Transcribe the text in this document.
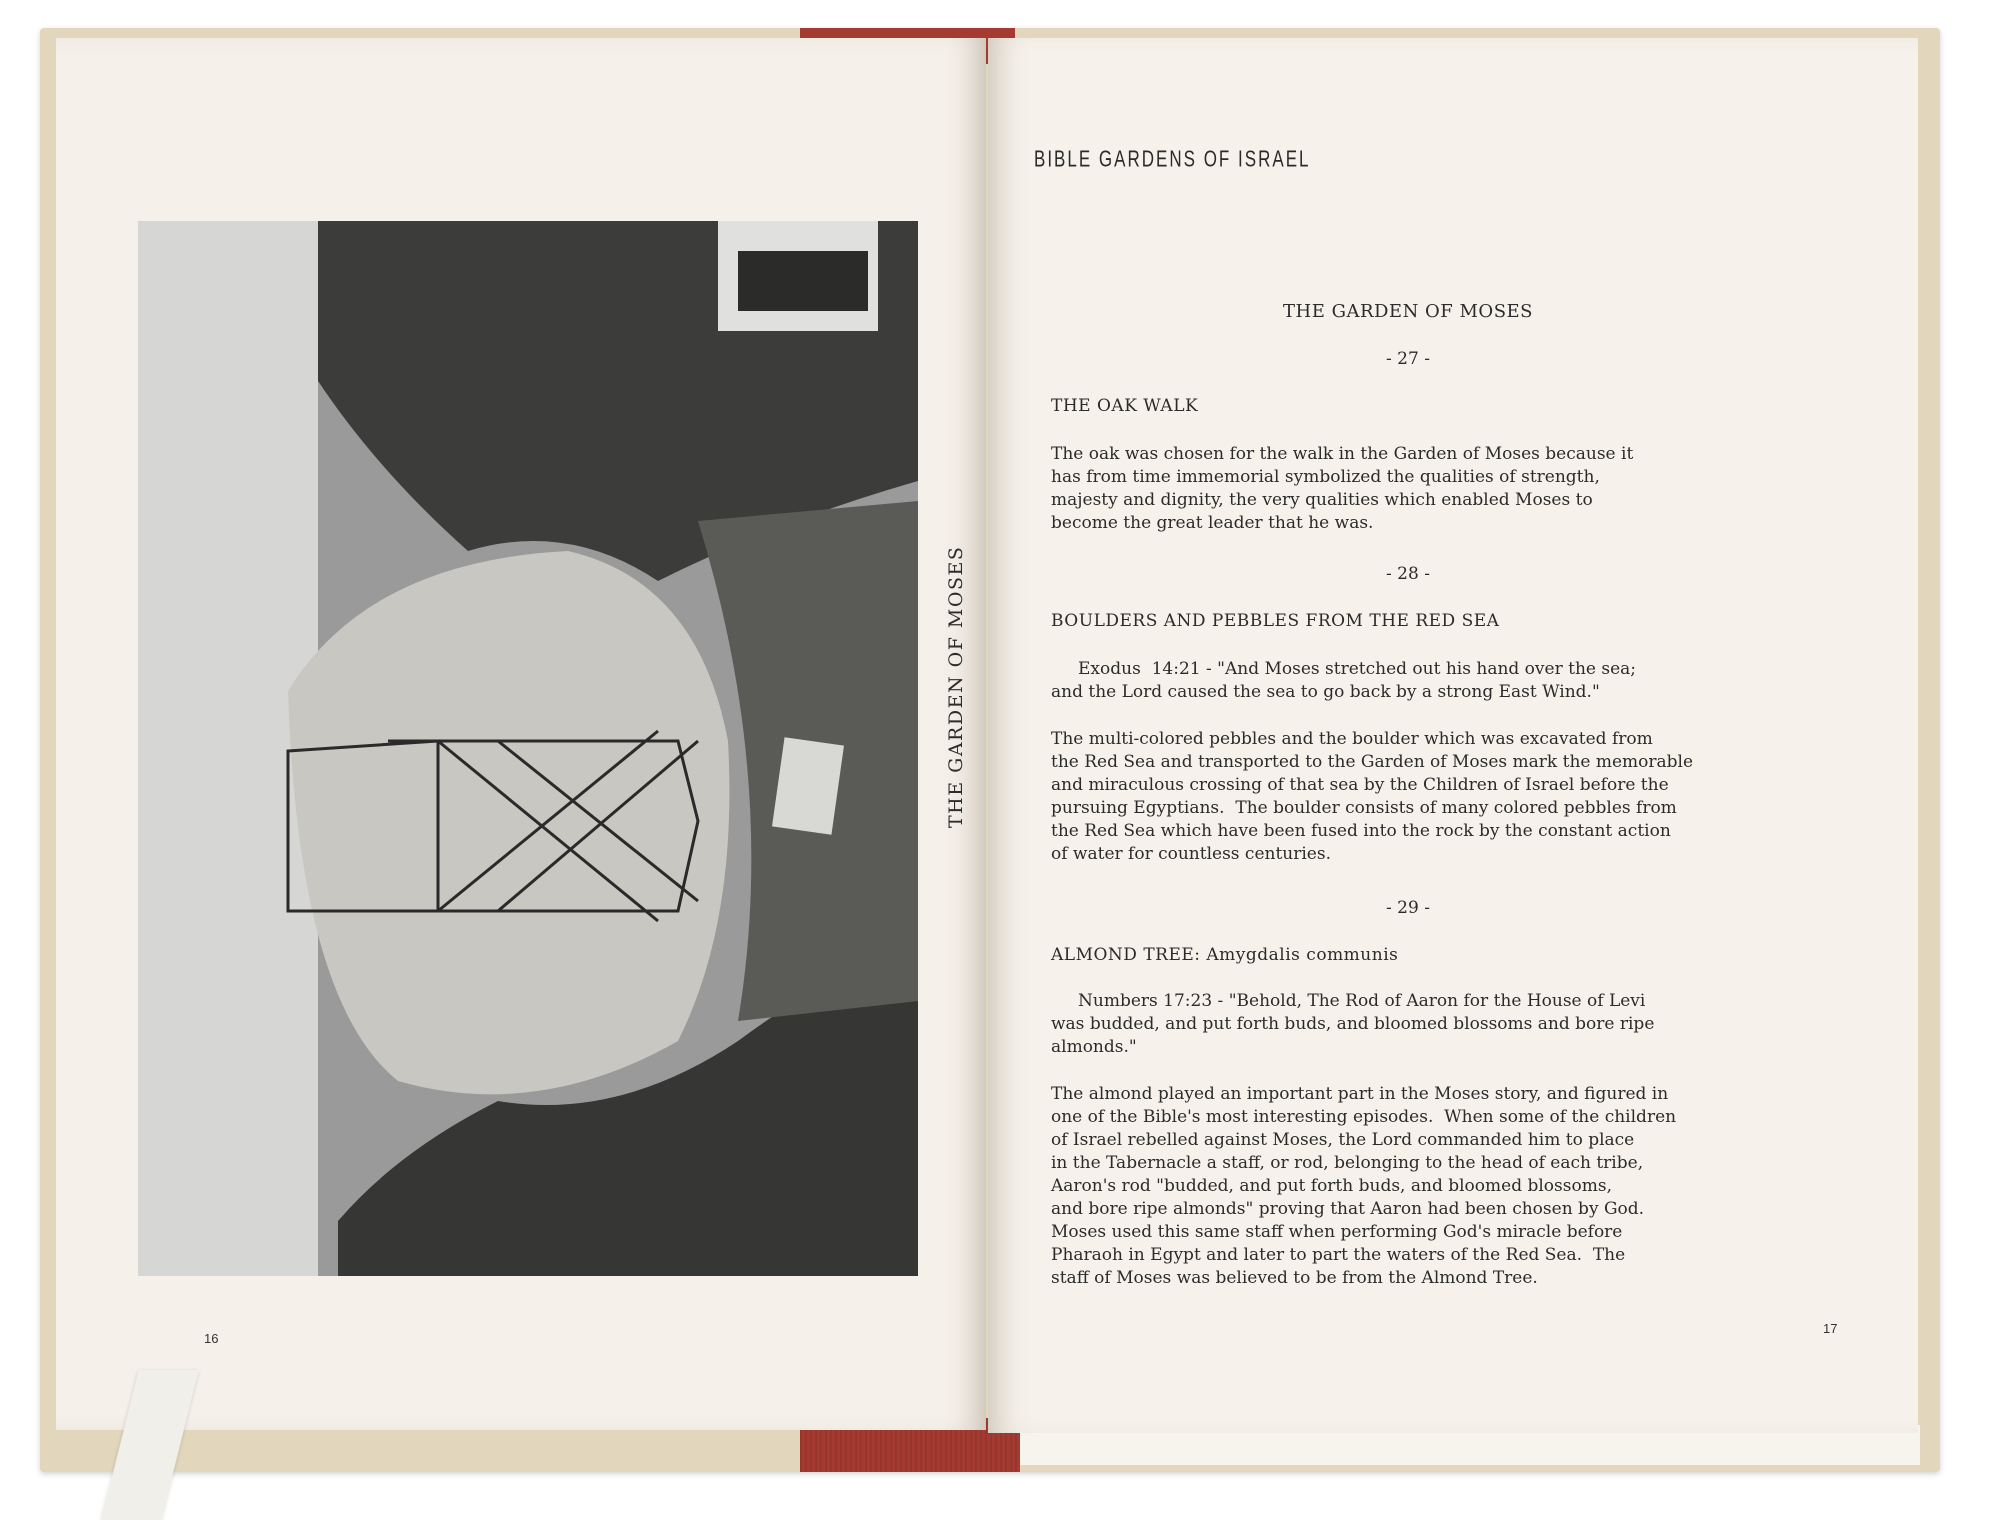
THE GARDEN OF MOSES
16
BIBLE GARDENS OF ISRAEL
THE GARDEN OF MOSES
- 27 -
THE OAK WALK
The oak was chosen for the walk in the Garden of Moses because it
has from time immemorial symbolized the qualities of strength,
majesty and dignity, the very qualities which enabled Moses to
become the great leader that he was.
- 28 -
BOULDERS AND PEBBLES FROM THE RED SEA
Exodus  14:21 - "And Moses stretched out his hand over the sea;
and the Lord caused the sea to go back by a strong East Wind."
The multi-colored pebbles and the boulder which was excavated from
the Red Sea and transported to the Garden of Moses mark the memorable
and miraculous crossing of that sea by the Children of Israel before the
pursuing Egyptians.  The boulder consists of many colored pebbles from
the Red Sea which have been fused into the rock by the constant action
of water for countless centuries.
- 29 -
ALMOND TREE: Amygdalis communis
Numbers 17:23 - "Behold, The Rod of Aaron for the House of Levi
was budded, and put forth buds, and bloomed blossoms and bore ripe
almonds."
The almond played an important part in the Moses story, and figured in
one of the Bible's most interesting episodes.  When some of the children
of Israel rebelled against Moses, the Lord commanded him to place
in the Tabernacle a staff, or rod, belonging to the head of each tribe,
Aaron's rod "budded, and put forth buds, and bloomed blossoms,
and bore ripe almonds" proving that Aaron had been chosen by God.
Moses used this same staff when performing God's miracle before
Pharaoh in Egypt and later to part the waters of the Red Sea.  The
staff of Moses was believed to be from the Almond Tree.
17
